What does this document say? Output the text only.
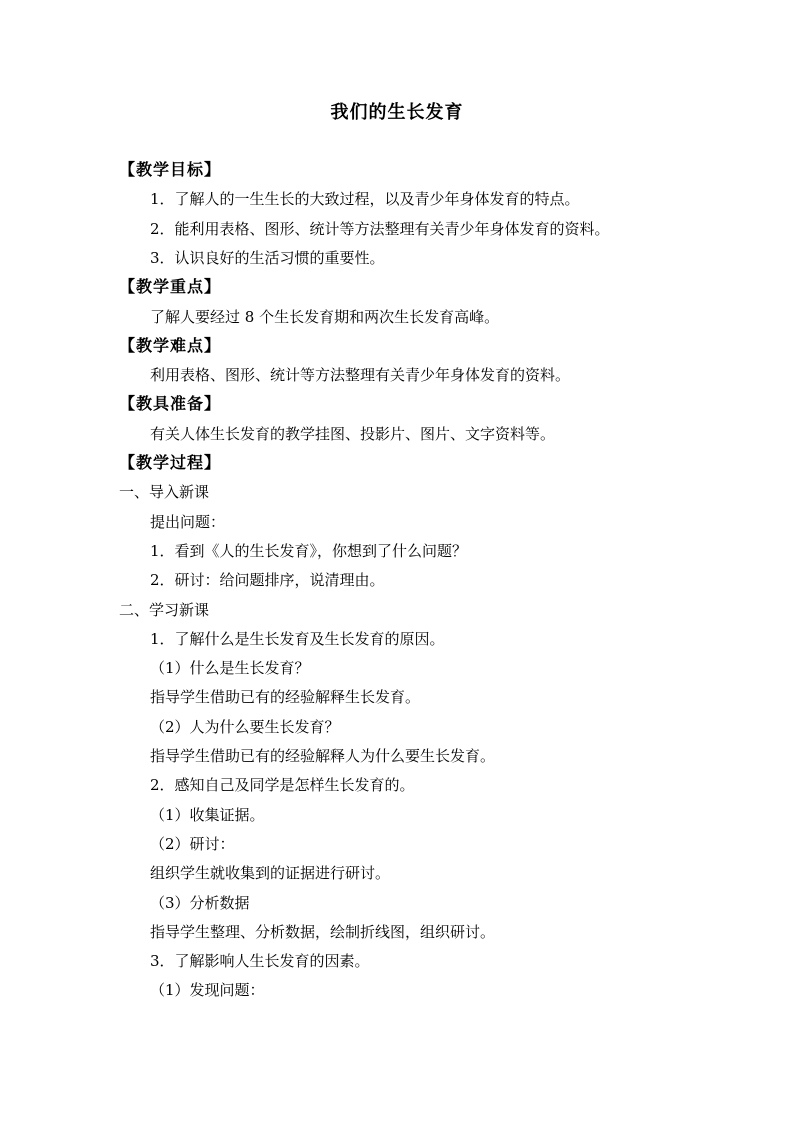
我们的生长发育
【教学目标】
1．了解人的一生生长的大致过程，以及青少年身体发育的特点。
2．能利用表格、图形、统计等方法整理有关青少年身体发育的资料。
3．认识良好的生活习惯的重要性。
【教学重点】
了解人要经过 8 个生长发育期和两次生长发育高峰。
【教学难点】
利用表格、图形、统计等方法整理有关青少年身体发育的资料。
【教具准备】
有关人体生长发育的教学挂图、投影片、图片、文字资料等。
【教学过程】
一、导入新课
提出问题：
1．看到《人的生长发育》，你想到了什么问题？
2．研讨：给问题排序，说清理由。
二、学习新课
1．了解什么是生长发育及生长发育的原因。
（1）什么是生长发育？
指导学生借助已有的经验解释生长发育。
（2）人为什么要生长发育？
指导学生借助已有的经验解释人为什么要生长发育。
2．感知自己及同学是怎样生长发育的。
（1）收集证据。
（2）研讨：
组织学生就收集到的证据进行研讨。
（3）分析数据
指导学生整理、分析数据，绘制折线图，组织研讨。
3．了解影响人生长发育的因素。
（1）发现问题：
